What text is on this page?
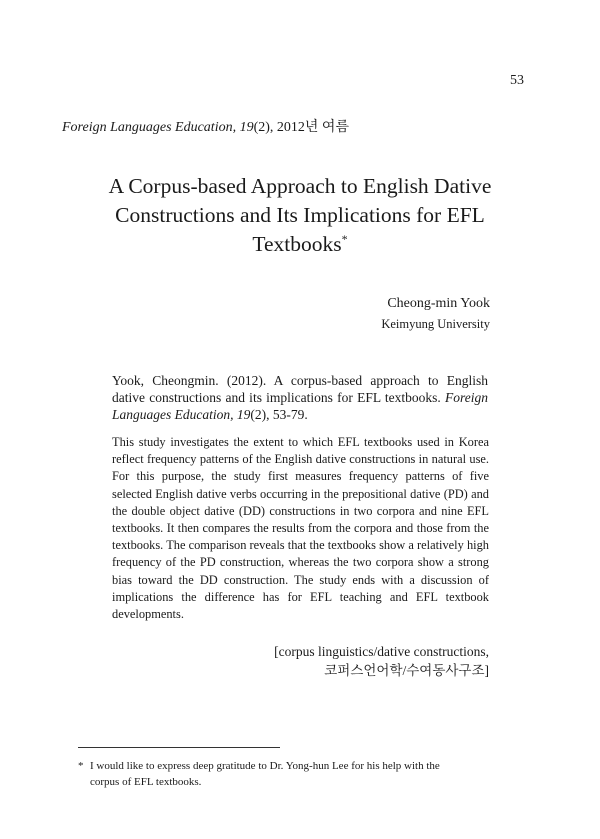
53
Foreign Languages Education, 19(2), 2012년 여름
A Corpus-based Approach to English Dative
Constructions and Its Implications for EFL
Textbooks*
Cheong-min Yook
Keimyung University

Yook, Cheongmin. (2012). A corpus-based approach to English dative constructions and its implications for EFL textbooks. Foreign Languages Education, 19(2), 53-79.

This study investigates the extent to which EFL textbooks used in Korea reflect frequency patterns of the English dative constructions in natural use. For this purpose, the study first measures frequency patterns of five selected English dative verbs occurring in the prepositional dative (PD) and the double object dative (DD) constructions in two corpora and nine EFL textbooks. It then compares the results from the corpora and those from the textbooks. The comparison reveals that the textbooks show a relatively high frequency of the PD construction, whereas the two corpora show a strong bias toward the DD construction. The study ends with a discussion of implications the difference has for EFL teaching and EFL textbook developments.

[corpus linguistics/dative constructions,
코퍼스언어학/수여동사구조]

* I would like to express deep gratitude to Dr. Yong-hun Lee for his help with the
corpus of EFL textbooks.
